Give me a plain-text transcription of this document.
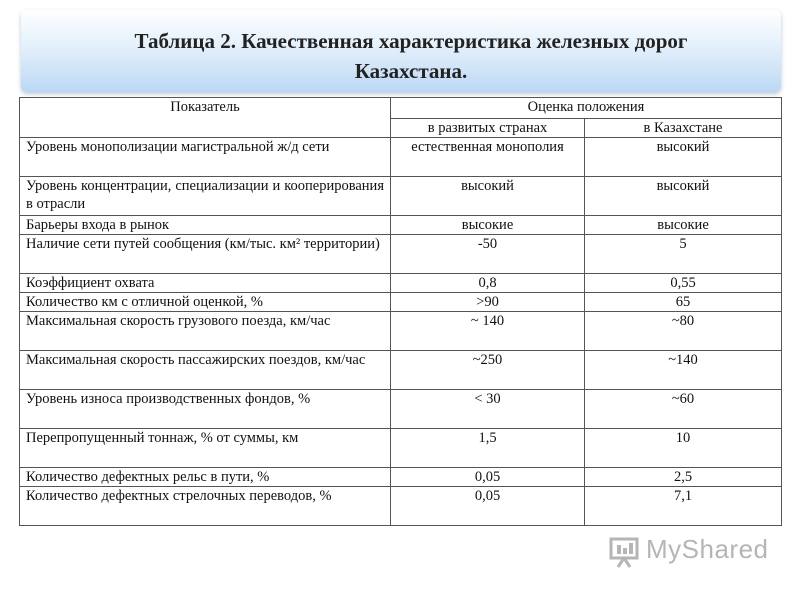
Таблица 2. Качественная характеристика железных дорог
Казахстана.
Показатель	Оценка положения	
	в развитых странах	в Казахстане
Уровень монополизации магистральной ж/д сети	естественная монополия	высокий
Уровень концентрации, специализации и кооперирования в отрасли	высокий	высокий
Барьеры входа в рынок	высокие	высокие
Наличие сети путей сообщения (км/тыс. км² территории)	-50	5
Коэффициент охвата	0,8	0,55
Количество км с отличной оценкой, %	>90	65
Максимальная скорость грузового поезда, км/час	~ 140	~80
Максимальная скорость пассажирских поездов, км/час	~250	~140
Уровень износа производственных фондов, %	< 30	~60
Перепропущенный тоннаж, % от суммы, км	1,5	10
Количество дефектных рельс в пути, %	0,05	2,5
Количество дефектных стрелочных переводов, %	0,05	7,1
MyShared
